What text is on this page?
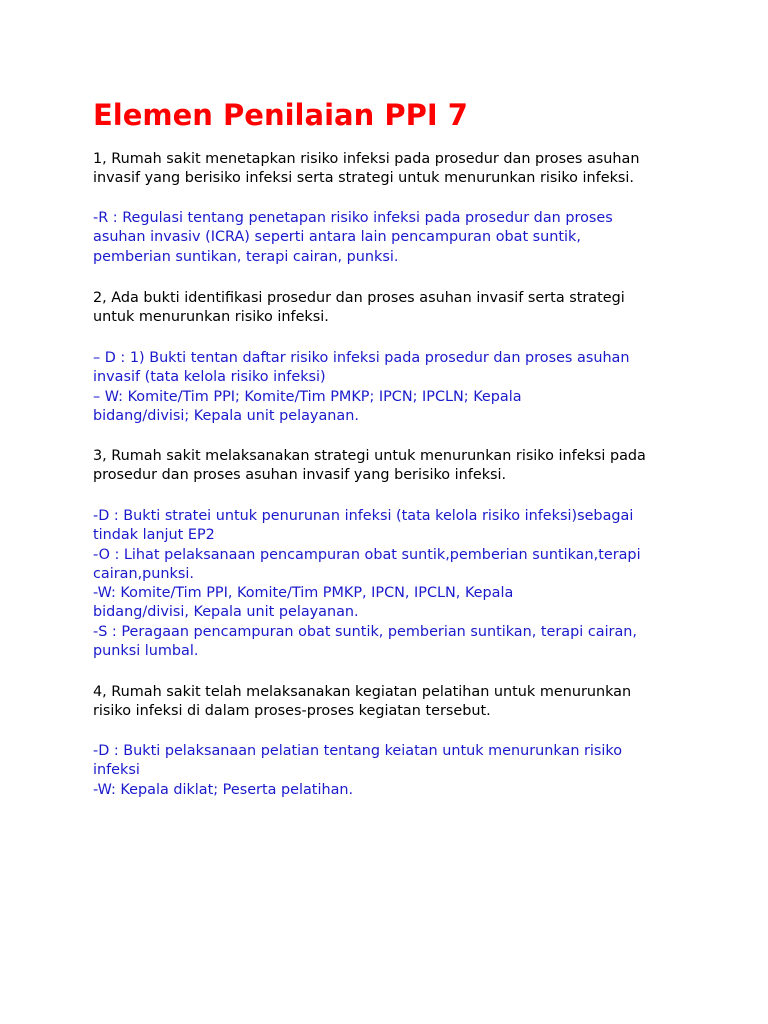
Elemen Penilaian PPI 7

1, Rumah sakit menetapkan risiko infeksi pada prosedur dan proses asuhan
invasif yang berisiko infeksi serta strategi untuk menurunkan risiko infeksi.

-R : Regulasi tentang penetapan risiko infeksi pada prosedur dan proses
asuhan invasiv (ICRA) seperti antara lain pencampuran obat suntik,
pemberian suntikan, terapi cairan, punksi.

2, Ada bukti identifikasi prosedur dan proses asuhan invasif serta strategi
untuk menurunkan risiko infeksi.

– D : 1) Bukti tentan daftar risiko infeksi pada prosedur dan proses asuhan
invasif (tata kelola risiko infeksi)
– W: Komite/Tim PPI; Komite/Tim PMKP; IPCN; IPCLN; Kepala
bidang/divisi; Kepala unit pelayanan.

3, Rumah sakit melaksanakan strategi untuk menurunkan risiko infeksi pada
prosedur dan proses asuhan invasif yang berisiko infeksi.

-D : Bukti stratei untuk penurunan infeksi (tata kelola risiko infeksi)sebagai
tindak lanjut EP2
-O : Lihat pelaksanaan pencampuran obat suntik,pemberian suntikan,terapi
cairan,punksi.
-W: Komite/Tim PPI, Komite/Tim PMKP, IPCN, IPCLN, Kepala
bidang/divisi, Kepala unit pelayanan.
-S : Peragaan pencampuran obat suntik, pemberian suntikan, terapi cairan,
punksi lumbal.

4, Rumah sakit telah melaksanakan kegiatan pelatihan untuk menurunkan
risiko infeksi di dalam proses-proses kegiatan tersebut.

-D : Bukti pelaksanaan pelatian tentang keiatan untuk menurunkan risiko
infeksi
-W: Kepala diklat; Peserta pelatihan.
